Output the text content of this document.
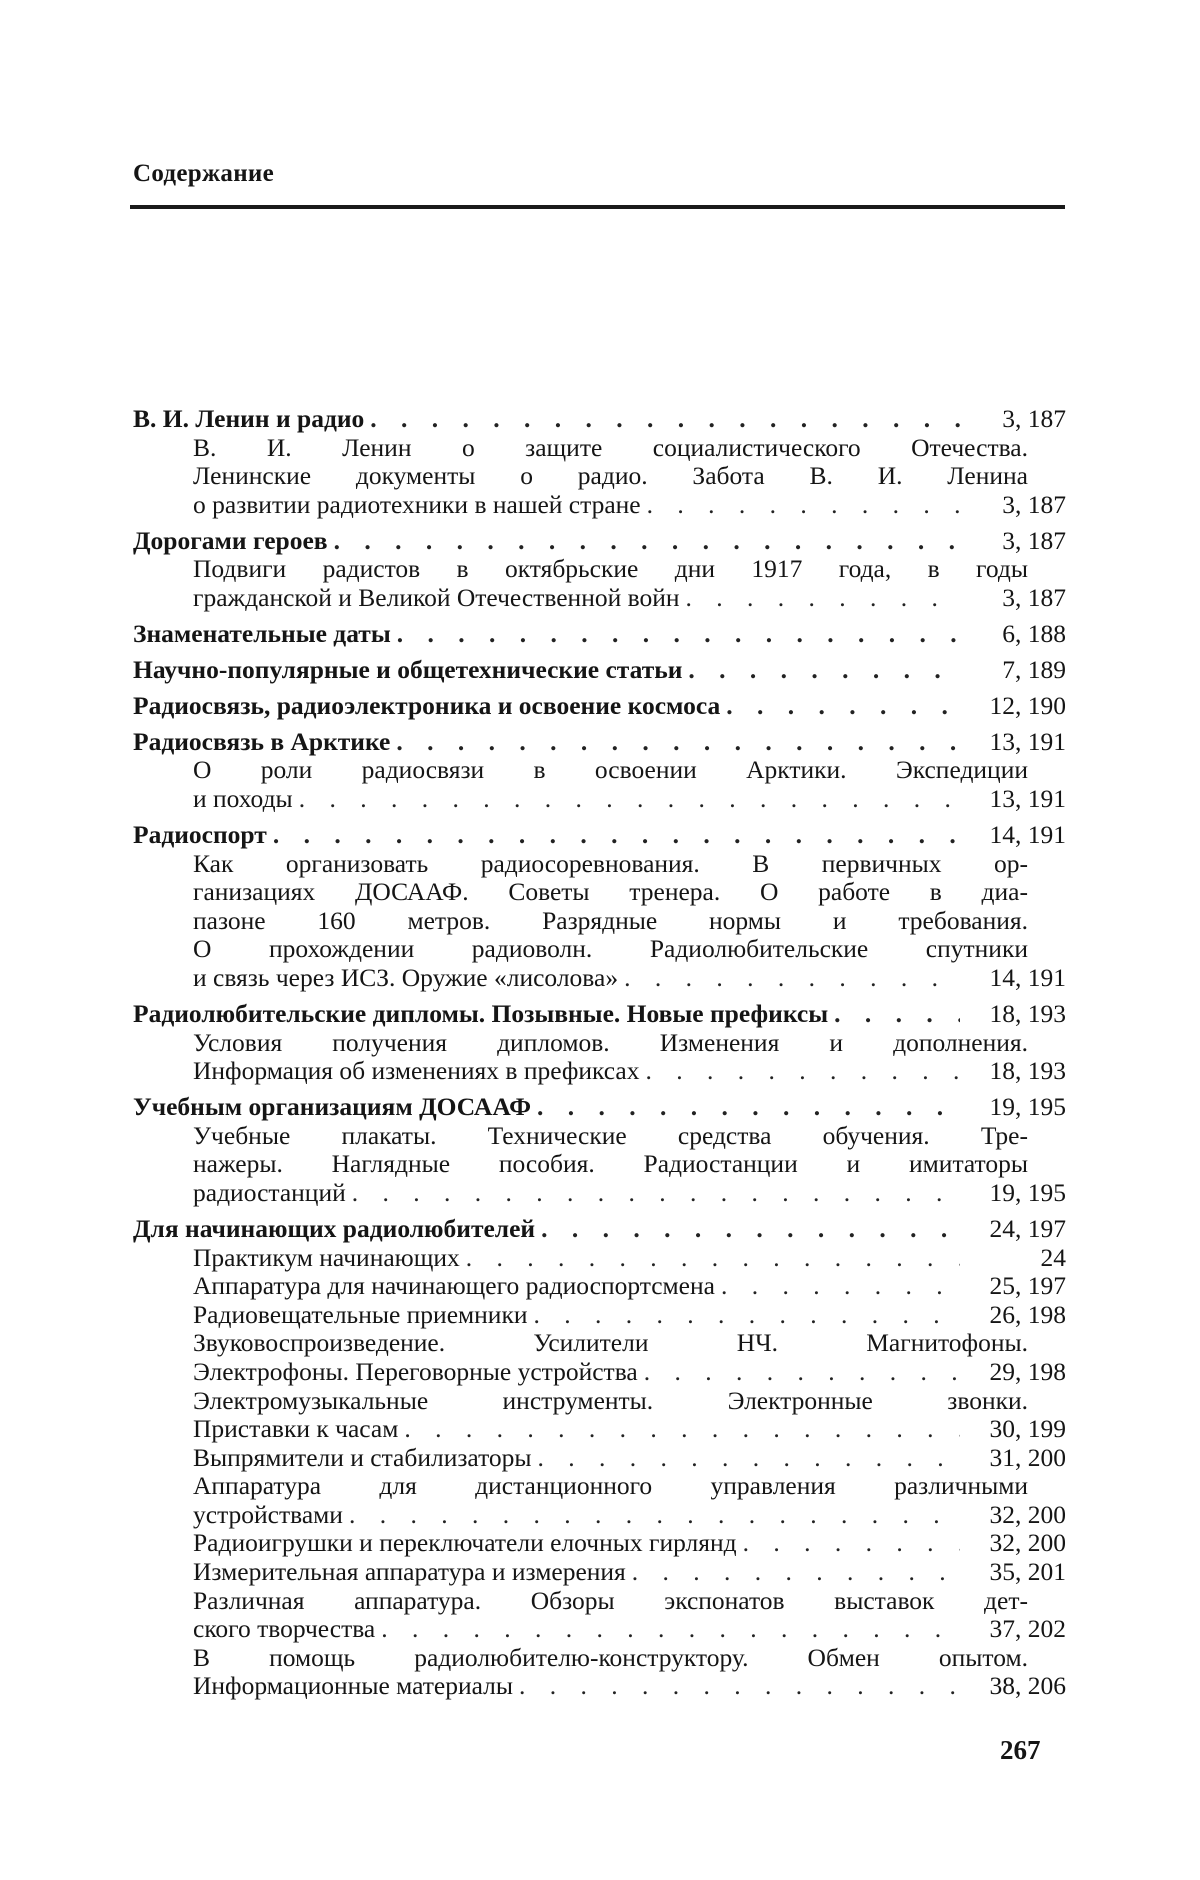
Содержание
В. И. Ленин и радио
. . .	3, 187
В. И. Ленин о защите социалистического Отечества.
Ленинские документы о радио. Забота В. И. Ленина
о развитии радиотехники в нашей стране
. . .	3, 187
Дорогами героев
. . .	3, 187
Подвиги радистов в октябрьские дни 1917 года, в годы
гражданской и Великой Отечественной войн
. . .	3, 187
Знаменательные даты
. . .	6, 188
Научно-популярные и общетехнические статьи
. . .	7, 189
Радиосвязь, радиоэлектроника и освоение космоса
. . .	12, 190
Радиосвязь в Арктике
. . .	13, 191
О роли радиосвязи в освоении Арктики. Экспедиции
и походы
. . .	13, 191
Радиоспорт
. . .	14, 191
Как организовать радиосоревнования. В первичных ор-
ганизациях ДОСААФ. Советы тренера. О работе в диа-
пазоне 160 метров. Разрядные нормы и требования.
О прохождении радиоволн. Радиолюбительские спутники
и связь через ИСЗ. Оружие «лисолова»
. . .	14, 191
Радиолюбительские дипломы. Позывные. Новые префиксы
. . .	18, 193
Условия получения дипломов. Изменения и дополнения.
Информация об изменениях в префиксах
. . .	18, 193
Учебным организациям ДОСААФ
. . .	19, 195
Учебные плакаты. Технические средства обучения. Тре-
нажеры. Наглядные пособия. Радиостанции и имитаторы
радиостанций
. . .	19, 195
Для начинающих радиолюбителей
. . .	24, 197
Практикум начинающих
. . .	24
Аппаратура для начинающего радиоспортсмена
. . .	25, 197
Радиовещательные приемники
. . .	26, 198
Звуковоспроизведение. Усилители НЧ. Магнитофоны.
Электрофоны. Переговорные устройства
. . .	29, 198
Электромузыкальные инструменты. Электронные звонки.
Приставки к часам
. . .	30, 199
Выпрямители и стабилизаторы
. . .	31, 200
Аппаратура для дистанционного управления различными
устройствами
. . .	32, 200
Радиоигрушки и переключатели елочных гирлянд
. . .	32, 200
Измерительная аппаратура и измерения
. . .	35, 201
Различная аппаратура. Обзоры экспонатов выставок дет-
ского творчества
. . .	37, 202
В помощь радиолюбителю-конструктору. Обмен опытом.
Информационные материалы
. . .	38, 206
267
